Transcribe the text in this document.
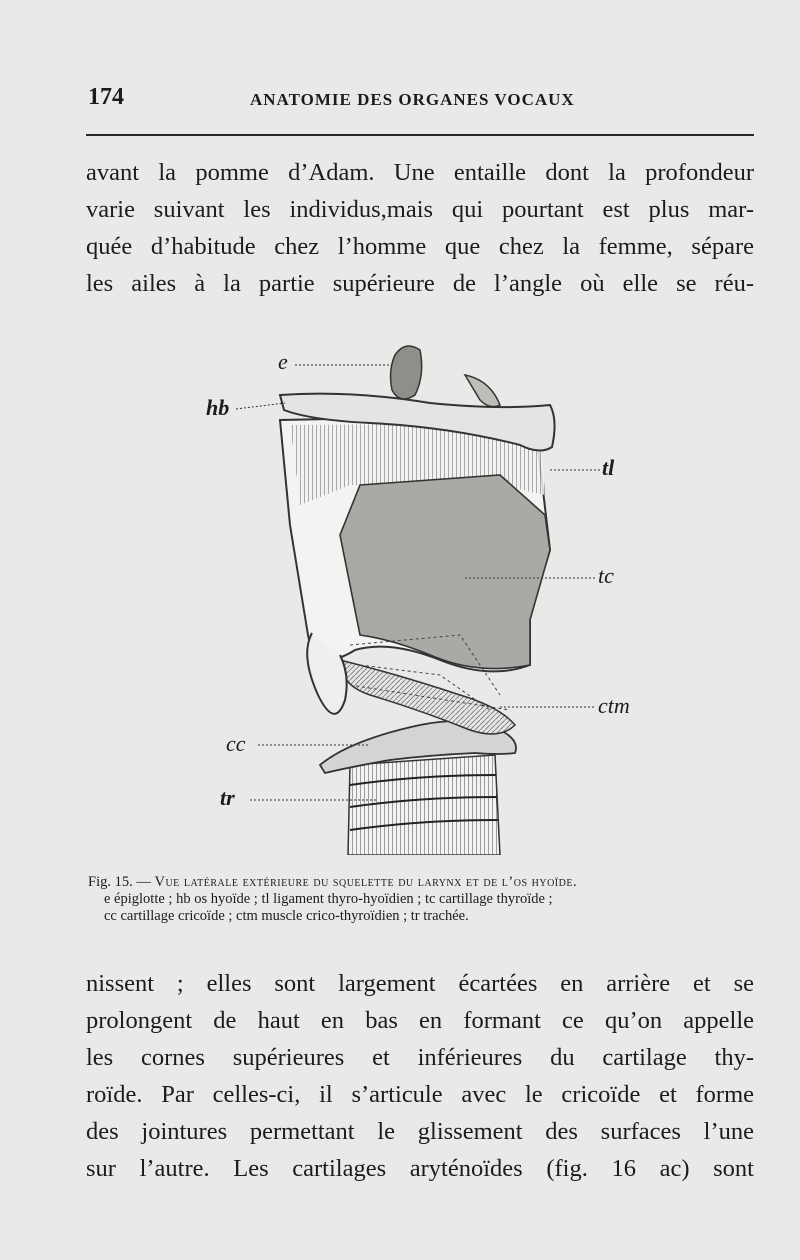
174	ANATOMIE DES ORGANES VOCAUX
avant la pomme d’Adam. Une entaille dont la profondeur
varie suivant les individus,mais qui pourtant est plus mar-
quée d’habitude chez l’homme que chez la femme, sépare
les ailes à la partie supérieure de l’angle où elle se réu-
e
hb
tl
tc
ctm
cc
tr
Fig. 15. — Vue latérale extérieure du squelette du larynx et de l’os hyoïde.
e épiglotte ; hb os hyoïde ; tl ligament thyro-hyoïdien ; tc cartillage thyroïde ;
cc cartillage cricoïde ; ctm muscle crico-thyroïdien ; tr trachée.
nissent ; elles sont largement écartées en arrière et se
prolongent de haut en bas en formant ce qu’on appelle
les cornes supérieures et inférieures du cartilage thy-
roïde. Par celles-ci, il s’articule avec le cricoïde et forme
des jointures permettant le glissement des surfaces l’une
sur l’autre. Les cartilages aryténoïdes (fig. 16 ac) sont
